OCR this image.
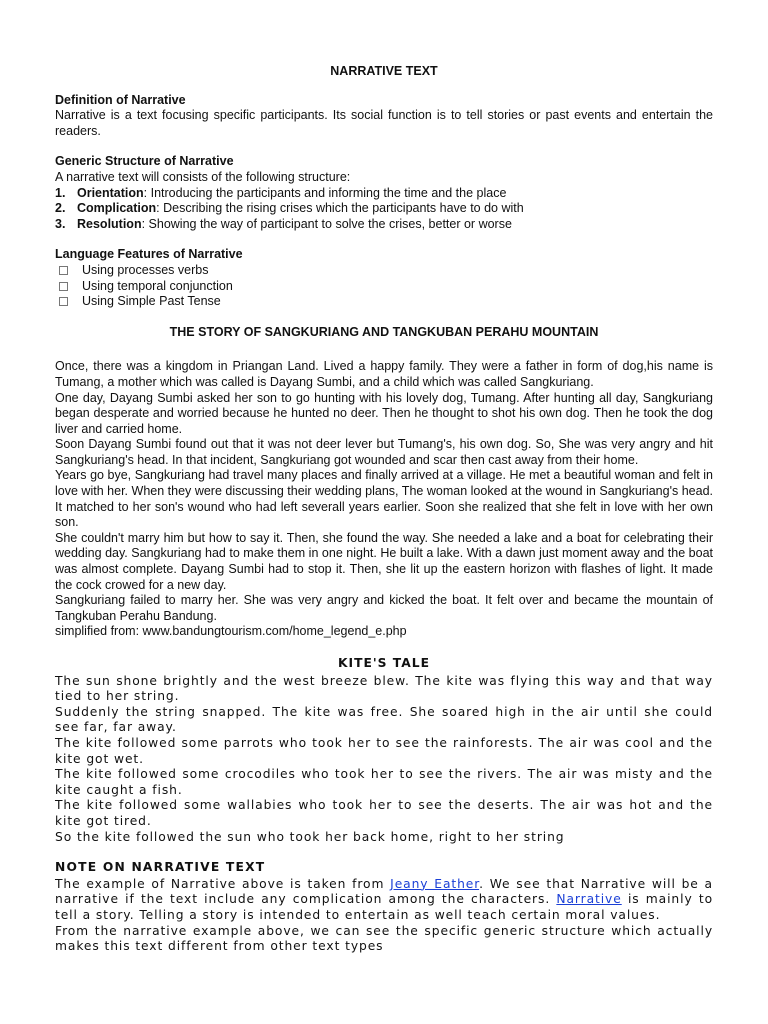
NARRATIVE TEXT
Definition of Narrative

Narrative is a text focusing specific participants. Its social function is to tell stories or past events and entertain the readers.

Generic Structure of Narrative
A narrative text will consists of the following structure:
1. Orientation: Introducing the participants and informing the time and the place
2. Complication: Describing the rising crises which the participants have to do with
3. Resolution: Showing the way of participant to solve the crises, better or worse
Language Features of Narrative
Using processes verbs
Using temporal conjunction
Using Simple Past Tense
THE STORY OF SANGKURIANG AND TANGKUBAN PERAHU MOUNTAIN

Once, there was a kingdom in Priangan Land. Lived a happy family. They were a father in form of dog,his name is Tumang, a mother which was called is Dayang Sumbi, and a child which was called Sangkuriang.

One day, Dayang Sumbi asked her son to go hunting with his lovely dog, Tumang. After hunting all day, Sangkuriang began desperate and worried because he hunted no deer. Then he thought to shot his own dog. Then he took the dog liver and carried home.

Soon Dayang Sumbi found out that it was not deer lever but Tumang's, his own dog. So, She was very angry and hit Sangkuriang's head. In that incident, Sangkuriang got wounded and scar then cast away from their home.

Years go bye, Sangkuriang had travel many places and finally arrived at a village. He met a beautiful woman and felt in love with her. When they were discussing their wedding plans, The woman looked at the wound in Sangkuriang's head. It matched to her son's wound who had left severall years earlier. Soon she realized that she felt in love with her own son.

She couldn't marry him but how to say it. Then, she found the way. She needed a lake and a boat for celebrating their wedding day. Sangkuriang had to make them in one night. He built a lake. With a dawn just moment away and the boat was almost complete. Dayang Sumbi had to stop it. Then, she lit up the eastern horizon with flashes of light. It made the cock crowed for a new day.

Sangkuriang failed to marry her. She was very angry and kicked the boat. It felt over and became the mountain of Tangkuban Perahu Bandung.

simplified from: www.bandungtourism.com/home_legend_e.php

KITE'S TALE

The sun shone brightly and the west breeze blew. The kite was flying this way and that way tied to her string.

Suddenly the string snapped. The kite was free. She soared high in the air until she could see far, far away.

The kite followed some parrots who took her to see the rainforests. The air was cool and the kite got wet.

The kite followed some crocodiles who took her to see the rivers. The air was misty and the kite caught a fish.

The kite followed some wallabies who took her to see the deserts. The air was hot and the kite got tired.

So the kite followed the sun who took her back home, right to her string

NOTE ON NARRATIVE TEXT

The example of Narrative above is taken from Jeany Eather. We see that Narrative will be a narrative if the text include any complication among the characters. Narrative is mainly to tell a story. Telling a story is intended to entertain as well teach certain moral values.

From the narrative example above, we can see the specific generic structure which actually makes this text different from other text types
